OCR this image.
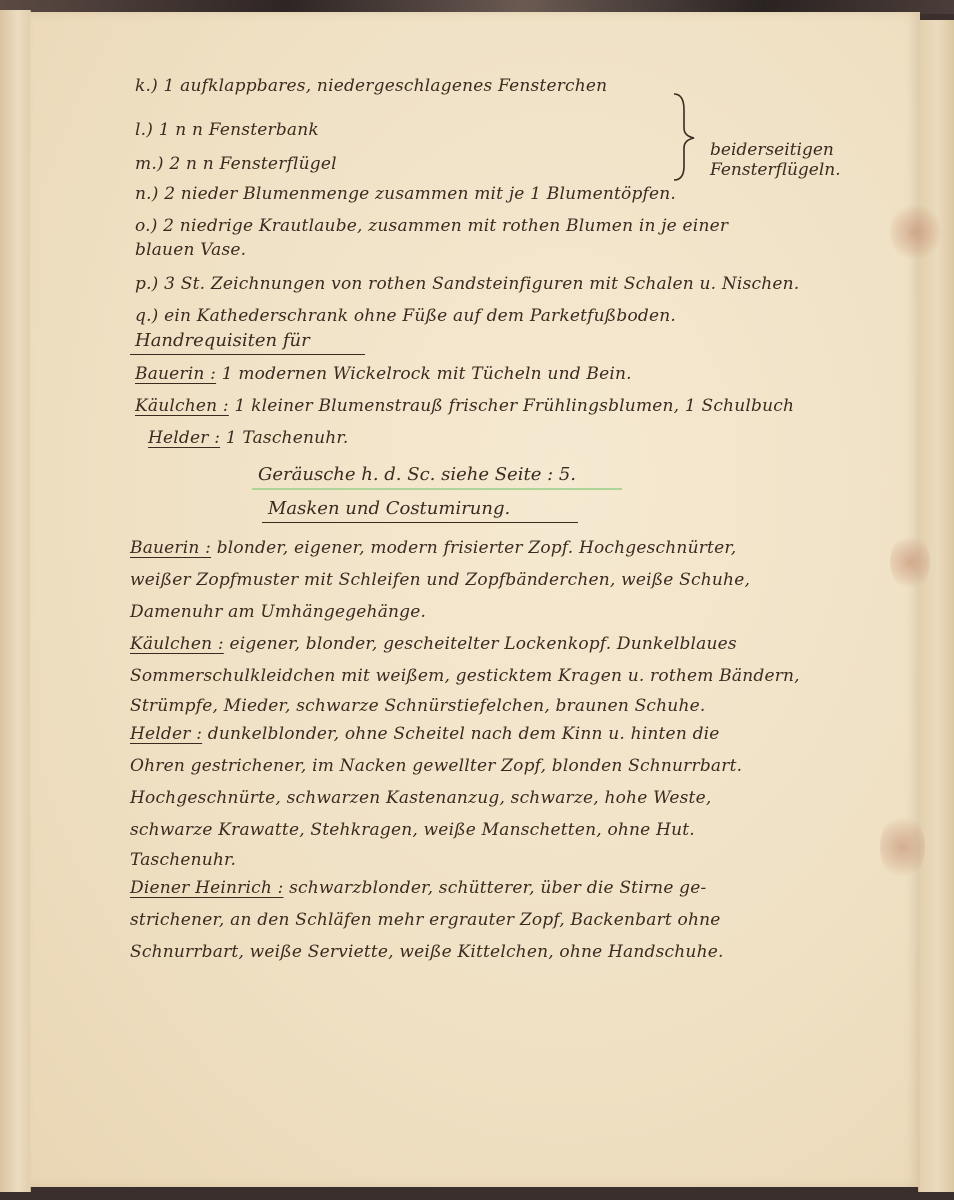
k.) 1 aufklappbares, niedergeschlagenes Fensterchen
l.) 1 n n Fensterbank
m.) 2 n n Fensterflügel
beiderseitigen Fensterflügeln.
n.) 2 nieder Blumenmenge zusammen mit je 1 Blumentöpfen.
o.) 2 niedrige Krautlaube, zusammen mit rothen Blumen in je einer
blauen Vase.
p.) 3 St. Zeichnungen von rothen Sandsteinfiguren mit Schalen u. Nischen.
q.) ein Kathederschrank ohne Füße auf dem Parketfußboden.
Handrequisiten für
Bauerin : 1 modernen Wickelrock mit Tücheln und Bein.
Käulchen : 1 kleiner Blumenstrauß frischer Frühlingsblumen, 1 Schulbuch
Helder : 1 Taschenuhr.
Geräusche h. d. Sc. siehe Seite : 5.
Masken und Costumirung.
Bauerin : blonder, eigener, modern frisierter Zopf. Hochgeschnürter,
weißer Zopfmuster mit Schleifen und Zopfbänderchen, weiße Schuhe,
Damenuhr am Umhängegehänge.
Käulchen : eigener, blonder, gescheitelter Lockenkopf. Dunkelblaues
Sommerschulkleidchen mit weißem, gesticktem Kragen u. rothem Bändern,
Strümpfe, Mieder, schwarze Schnürstiefelchen, braunen Schuhe.
Helder : dunkelblonder, ohne Scheitel nach dem Kinn u. hinten die
Ohren gestrichener, im Nacken gewellter Zopf, blonden Schnurrbart.
Hochgeschnürte, schwarzen Kastenanzug, schwarze, hohe Weste,
schwarze Krawatte, Stehkragen, weiße Manschetten, ohne Hut.
Taschenuhr.
Diener Heinrich : schwarzblonder, schütterer, über die Stirne ge-
strichener, an den Schläfen mehr ergrauter Zopf, Backenbart ohne
Schnurrbart, weiße Serviette, weiße Kittelchen, ohne Handschuhe.
